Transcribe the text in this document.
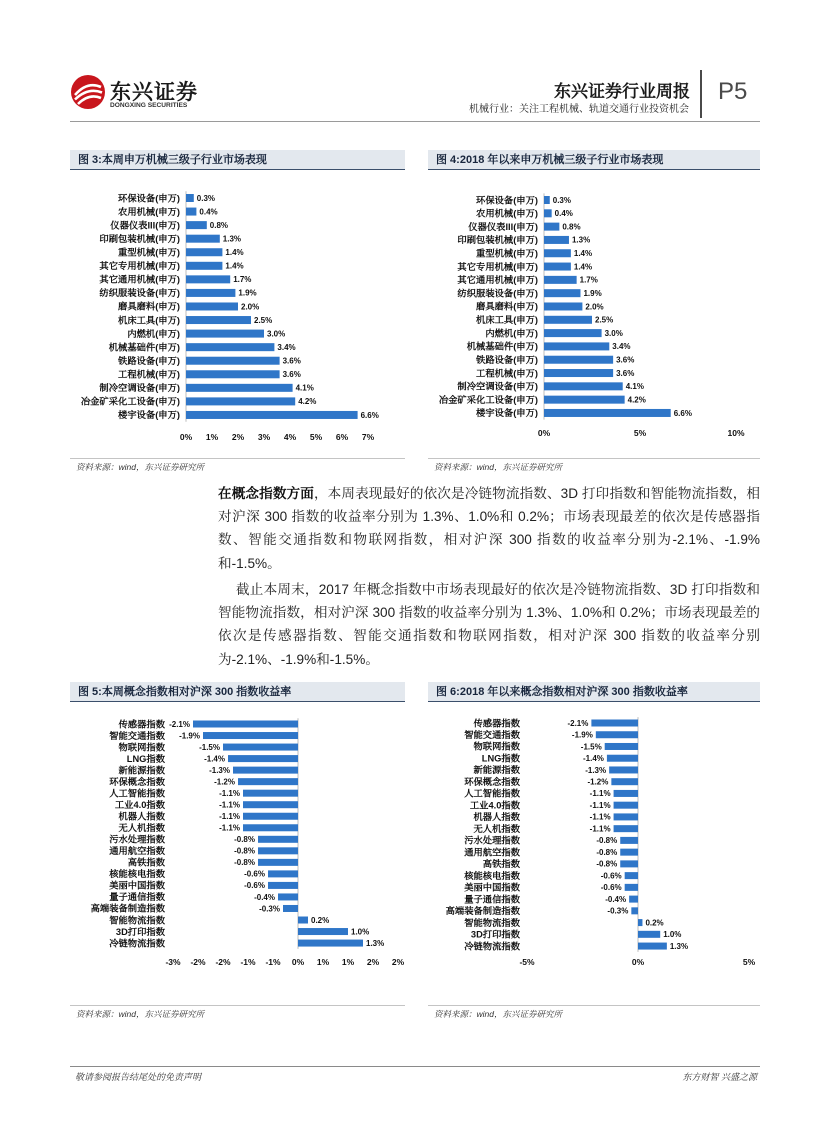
东兴证券
DONGXING SECURITIES
东兴证券行业周报
机械行业：关注工程机械、轨道交通行业投资机会
P5
图 3:本周申万机械三级子行业市场表现
环保设备(申万) 0.3%
农用机械(申万) 0.4%
仪器仪表III(申万)	0.8%
印刷包装机械(申万)	1.3%
重型机械(申万)	1.4%
其它专用机械(申万)	1.4%
其它通用机械(申万)	1.7%
纺织服装设备(申万)	1.9%
磨具磨料(申万)	2.0%
机床工具(申万)	2.5%
内燃机(申万)	3.0%
机械基础件(申万)	3.4%
铁路设备(申万)	3.6%
工程机械(申万)	3.6%
制冷空调设备(申万)	4.1%
冶金矿采化工设备(申万)	4.2%
楼宇设备(申万)	6.6%
0% 1% 2% 3% 4% 5% 6% 7%
资料来源：wind，东兴证券研究所
图 4:2018 年以来申万机械三级子行业市场表现
环保设备(申万) 0.3%
农用机械(申万) 0.4%
仪器仪表III(申万)	0.8%
印刷包装机械(申万)	1.3%
重型机械(申万)	1.4%
其它专用机械(申万)	1.4%
其它通用机械(申万)	1.7%
纺织服装设备(申万)	1.9%
磨具磨料(申万)	2.0%
机床工具(申万)	2.5%
内燃机(申万)	3.0%
机械基础件(申万)	3.4%
铁路设备(申万)	3.6%
工程机械(申万)	3.6%
制冷空调设备(申万)	4.1%
冶金矿采化工设备(申万)	4.2%
楼宇设备(申万)	6.6%
0%	5%	10%
资料来源：wind，东兴证券研究所
在概念指数方面，本周表现最好的依次是冷链物流指数、3D 打印指数和智能物流指数，相对沪深 300 指数的收益率分别为 1.3%、1.0%和 0.2%；市场表现最差的依次是传感器指数、智能交通指数和物联网指数，相对沪深 300 指数的收益率分别为-2.1%、-1.9%和-1.5%。
截止本周末，2017 年概念指数中市场表现最好的依次是冷链物流指数、3D 打印指数和智能物流指数，相对沪深 300 指数的收益率分别为 1.3%、1.0%和 0.2%；市场表现最差的依次是传感器指数、智能交通指数和物联网指数，相对沪深 300 指数的收益率分别为-2.1%、-1.9%和-1.5%。
图 5:本周概念指数相对沪深 300 指数收益率
传感器指数 -2.1%
智能交通指数 -1.9%
物联网指数	-1.5%
LNG指数	-1.4%
新能源指数	-1.3%
环保概念指数	-1.2%
人工智能指数	-1.1%
工业4.0指数	-1.1%
机器人指数	-1.1%
无人机指数	-1.1%
污水处理指数	-0.8%
通用航空指数	-0.8%
高铁指数	-0.8%
核能核电指数	-0.6%
美丽中国指数	-0.6%
量子通信指数	-0.4%
高端装备制造指数	-0.3%
智能物流指数	0.2%
3D打印指数	1.0%
冷链物流指数	1.3%
-3% -2% -2% -1% -1% 0% 1% 1% 2% 2%
资料来源：wind，东兴证券研究所
图 6:2018 年以来概念指数相对沪深 300 指数收益率
传感器指数	-2.1%
智能交通指数	-1.9%
物联网指数	-1.5%
LNG指数	-1.4%
新能源指数	-1.3%
环保概念指数	-1.2%
人工智能指数	-1.1%
工业4.0指数	-1.1%
机器人指数	-1.1%
无人机指数	-1.1%
污水处理指数	-0.8%
通用航空指数	-0.8%
高铁指数	-0.8%
核能核电指数	-0.6%
美丽中国指数	-0.6%
量子通信指数	-0.4%
高端装备制造指数	-0.3%
智能物流指数	0.2%
3D打印指数	1.0%
冷链物流指数	1.3%
-5%	0%	5%
资料来源：wind，东兴证券研究所
敬请参阅报告结尾处的免责声明	东方财智 兴盛之源
